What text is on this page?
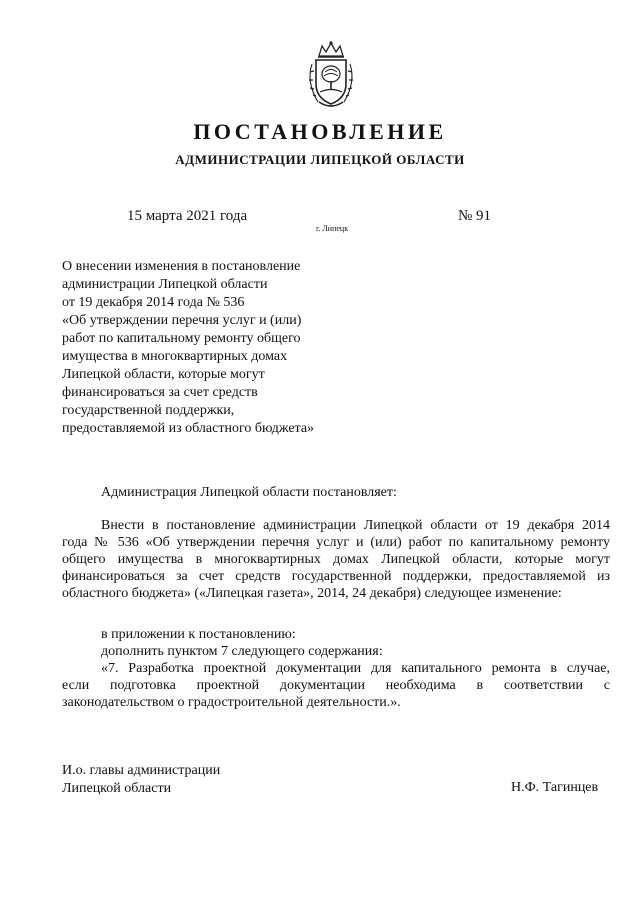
ПОСТАНОВЛЕНИЕ
АДМИНИСТРАЦИИ ЛИПЕЦКОЙ ОБЛАСТИ
15 марта 2021 года	№ 91
г. Липецк
О внесении изменения в постановление
администрации Липецкой области
от 19 декабря 2014 года № 536
«Об утверждении перечня услуг и (или)
работ по капитальному ремонту общего
имущества в многоквартирных домах
Липецкой области, которые могут
финансироваться за счет средств
государственной поддержки,
предоставляемой из областного бюджета»
Администрация Липецкой области постановляет:
Внести в постановление администрации Липецкой области от 19 декабря 2014
года № 536 «Об утверждении перечня услуг и (или) работ по капитальному ремонту
общего имущества в многоквартирных домах Липецкой области, которые могут
финансироваться за счет средств государственной поддержки, предоставляемой из
областного бюджета» («Липецкая газета», 2014, 24 декабря) следующее изменение:
в приложении к постановлению:
дополнить пунктом 7 следующего содержания:
«7. Разработка проектной документации для капитального ремонта в случае,
если подготовка проектной документации необходима в соответствии с
законодательством о градостроительной деятельности.».
И.о. главы администрации
Липецкой области	Н.Ф. Тагинцев
